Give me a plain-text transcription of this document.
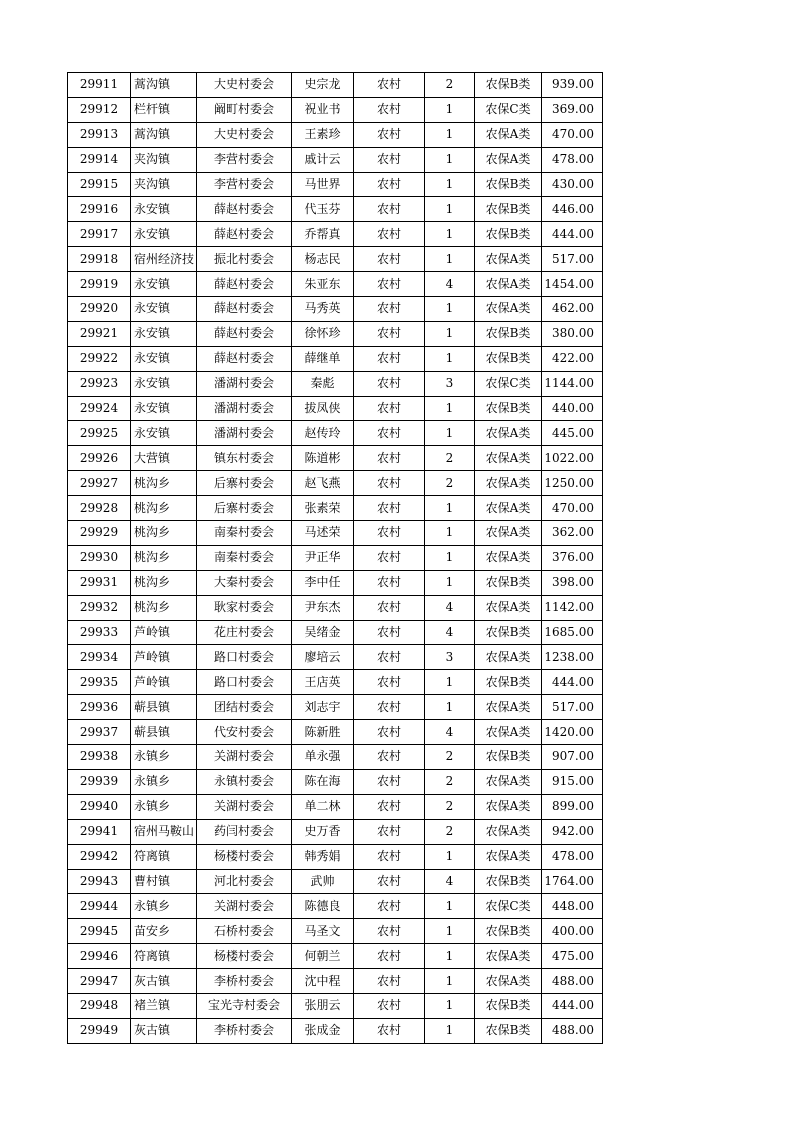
29911	蒿沟镇	大史村委会	史宗龙	农村	2	农保B类	939.00
29912	栏杆镇	阚町村委会	祝业书	农村	1	农保C类	369.00
29913	蒿沟镇	大史村委会	王素珍	农村	1	农保A类	470.00
29914	夹沟镇	李营村委会	戚计云	农村	1	农保A类	478.00
29915	夹沟镇	李营村委会	马世界	农村	1	农保B类	430.00
29916	永安镇	薛赵村委会	代玉芬	农村	1	农保B类	446.00
29917	永安镇	薛赵村委会	乔帮真	农村	1	农保B类	444.00
29918	宿州经济技	振北村委会	杨志民	农村	1	农保A类	517.00
29919	永安镇	薛赵村委会	朱亚东	农村	4	农保A类	1454.00
29920	永安镇	薛赵村委会	马秀英	农村	1	农保A类	462.00
29921	永安镇	薛赵村委会	徐怀珍	农村	1	农保B类	380.00
29922	永安镇	薛赵村委会	薛继单	农村	1	农保B类	422.00
29923	永安镇	潘湖村委会	秦彪	农村	3	农保C类	1144.00
29924	永安镇	潘湖村委会	拔凤侠	农村	1	农保B类	440.00
29925	永安镇	潘湖村委会	赵传玲	农村	1	农保A类	445.00
29926	大营镇	镇东村委会	陈道彬	农村	2	农保A类	1022.00
29927	桃沟乡	后寨村委会	赵飞燕	农村	2	农保A类	1250.00
29928	桃沟乡	后寨村委会	张素荣	农村	1	农保A类	470.00
29929	桃沟乡	南秦村委会	马述荣	农村	1	农保A类	362.00
29930	桃沟乡	南秦村委会	尹正华	农村	1	农保A类	376.00
29931	桃沟乡	大秦村委会	李中任	农村	1	农保B类	398.00
29932	桃沟乡	耿家村委会	尹东杰	农村	4	农保A类	1142.00
29933	芦岭镇	花庄村委会	吴绪金	农村	4	农保B类	1685.00
29934	芦岭镇	路口村委会	廖培云	农村	3	农保A类	1238.00
29935	芦岭镇	路口村委会	王店英	农村	1	农保B类	444.00
29936	蕲县镇	团结村委会	刘志宇	农村	1	农保A类	517.00
29937	蕲县镇	代安村委会	陈新胜	农村	4	农保A类	1420.00
29938	永镇乡	关湖村委会	单永强	农村	2	农保B类	907.00
29939	永镇乡	永镇村委会	陈在海	农村	2	农保A类	915.00
29940	永镇乡	关湖村委会	单二林	农村	2	农保A类	899.00
29941	宿州马鞍山	药闫村委会	史万香	农村	2	农保A类	942.00
29942	符离镇	杨楼村委会	韩秀娟	农村	1	农保A类	478.00
29943	曹村镇	河北村委会	武帅	农村	4	农保B类	1764.00
29944	永镇乡	关湖村委会	陈德良	农村	1	农保C类	448.00
29945	苗安乡	石桥村委会	马圣文	农村	1	农保B类	400.00
29946	符离镇	杨楼村委会	何朝兰	农村	1	农保A类	475.00
29947	灰古镇	李桥村委会	沈中程	农村	1	农保A类	488.00
29948	褚兰镇	宝光寺村委会	张朋云	农村	1	农保B类	444.00
29949	灰古镇	李桥村委会	张成金	农村	1	农保B类	488.00
